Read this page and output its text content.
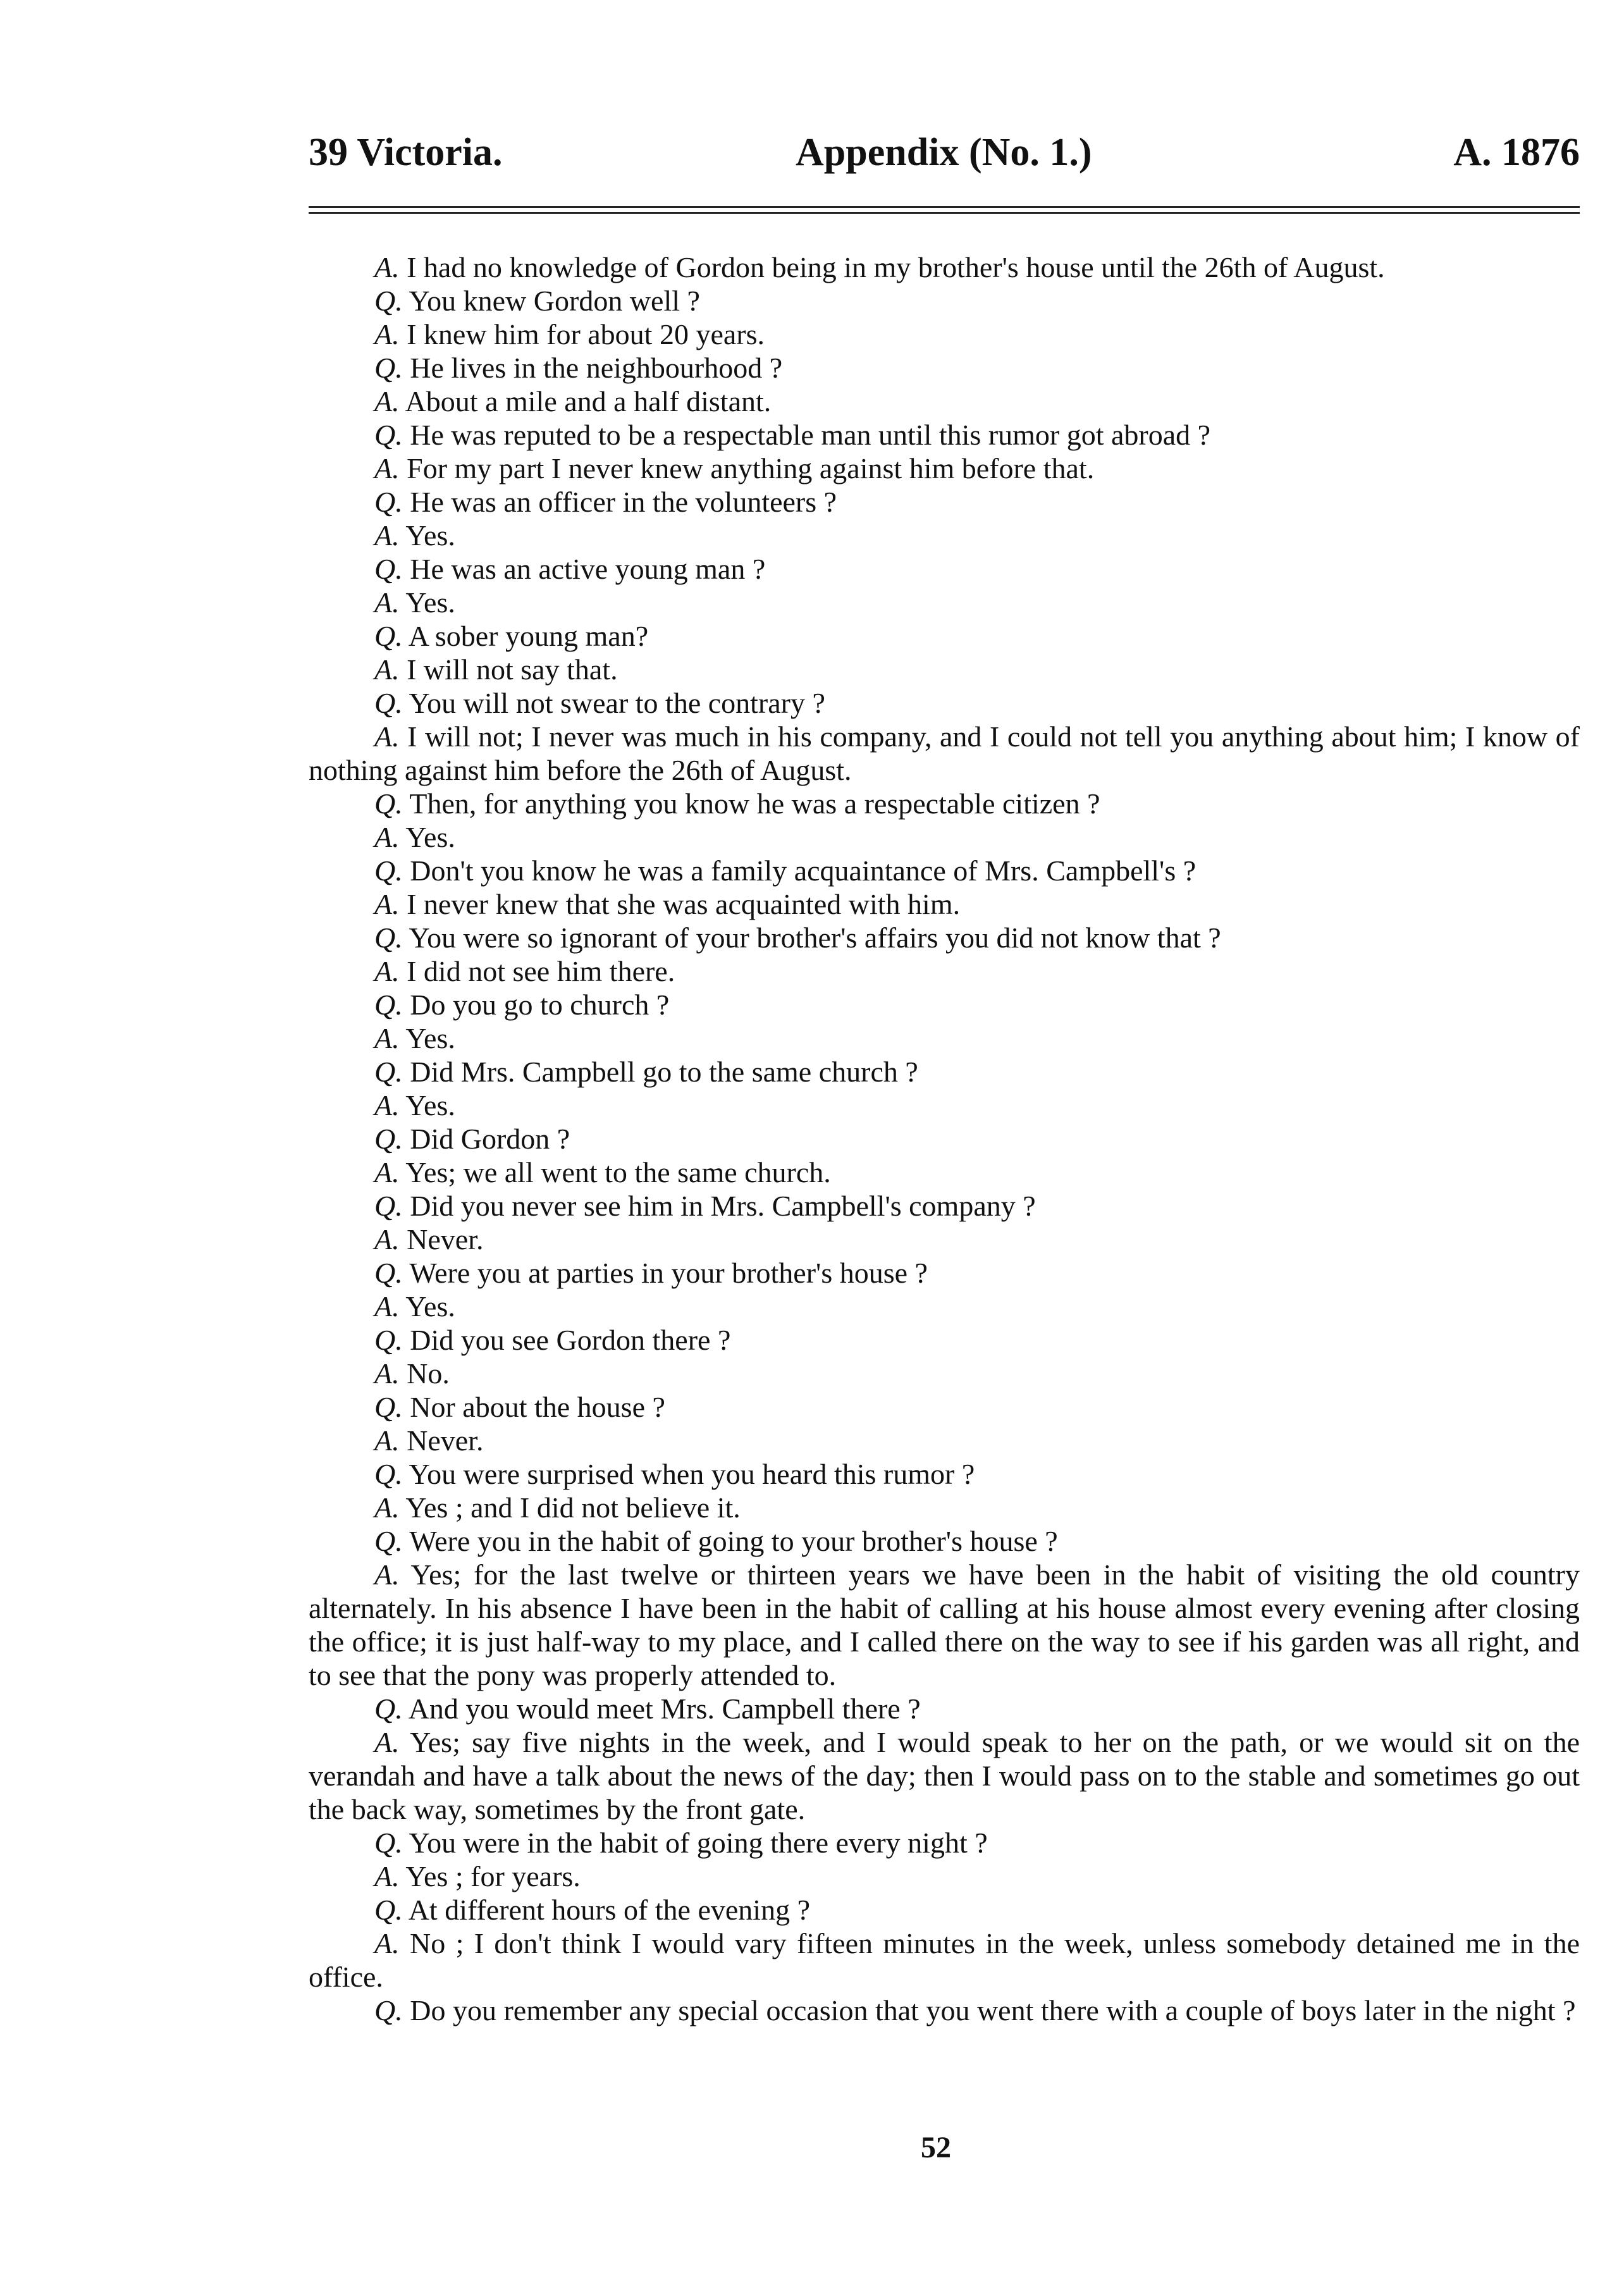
39 Victoria.	Appendix (No. 1.)	A. 1876

A. I had no knowledge of Gordon being in my brother's house until the 26th of August.

Q. You knew Gordon well ?

A. I knew him for about 20 years.

Q. He lives in the neighbourhood ?

A. About a mile and a half distant.

Q. He was reputed to be a respectable man until this rumor got abroad ?

A. For my part I never knew anything against him before that.

Q. He was an officer in the volunteers ?

A. Yes.

Q. He was an active young man ?

A. Yes.

Q. A sober young man?

A. I will not say that.

Q. You will not swear to the contrary ?

A. I will not; I never was much in his company, and I could not tell you anything about him; I know of nothing against him before the 26th of August.

Q. Then, for anything you know he was a respectable citizen ?

A. Yes.

Q. Don't you know he was a family acquaintance of Mrs. Campbell's ?

A. I never knew that she was acquainted with him.

Q. You were so ignorant of your brother's affairs you did not know that ?

A. I did not see him there.

Q. Do you go to church ?

A. Yes.

Q. Did Mrs. Campbell go to the same church ?

A. Yes.

Q. Did Gordon ?

A. Yes; we all went to the same church.

Q. Did you never see him in Mrs. Campbell's company ?

A. Never.

Q. Were you at parties in your brother's house ?

A. Yes.

Q. Did you see Gordon there ?

A. No.

Q. Nor about the house ?

A. Never.

Q. You were surprised when you heard this rumor ?

A. Yes ; and I did not believe it.

Q. Were you in the habit of going to your brother's house ?

A. Yes; for the last twelve or thirteen years we have been in the habit of visiting the old country alternately. In his absence I have been in the habit of calling at his house almost every evening after closing the office; it is just half-way to my place, and I called there on the way to see if his garden was all right, and to see that the pony was properly attended to.

Q. And you would meet Mrs. Campbell there ?

A. Yes; say five nights in the week, and I would speak to her on the path, or we would sit on the verandah and have a talk about the news of the day; then I would pass on to the stable and sometimes go out the back way, sometimes by the front gate.

Q. You were in the habit of going there every night ?

A. Yes ; for years.

Q. At different hours of the evening ?

A. No ; I don't think I would vary fifteen minutes in the week, unless somebody detained me in the office.

Q. Do you remember any special occasion that you went there with a couple of boys later in the night ?

52
